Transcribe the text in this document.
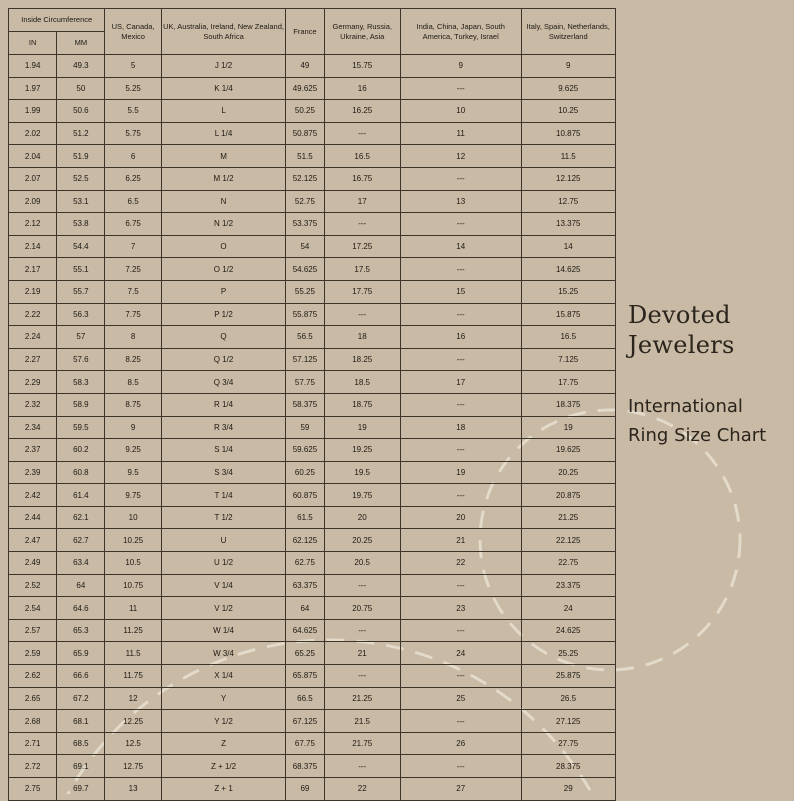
Inside Circumference		US, Canada, Mexico	UK, Australia, Ireland, New Zealand, South Africa	France	Germany, Russia, Ukraine, Asia	India, China, Japan, South America, Turkey, Israel	Italy, Spain, Netherlands, Switzerland
IN	MM						
1.94	49.3	5	J 1/2	49	15.75	9	9
1.97	50	5.25	K 1/4	49.625	16	---	9.625
1.99	50.6	5.5	L	50.25	16.25	10	10.25
2.02	51.2	5.75	L 1/4	50.875	---	11	10.875
2.04	51.9	6	M	51.5	16.5	12	11.5
2.07	52.5	6.25	M 1/2	52.125	16.75	---	12.125
2.09	53.1	6.5	N	52.75	17	13	12.75
2.12	53.8	6.75	N 1/2	53.375	---	---	13.375
2.14	54.4	7	O	54	17.25	14	14
2.17	55.1	7.25	O 1/2	54.625	17.5	---	14.625
2.19	55.7	7.5	P	55.25	17.75	15	15.25
2.22	56.3	7.75	P 1/2	55.875	---	---	15.875
2.24	57	8	Q	56.5	18	16	16.5
2.27	57.6	8.25	Q 1/2	57.125	18.25	---	7.125
2.29	58.3	8.5	Q 3/4	57.75	18.5	17	17.75
2.32	58.9	8.75	R 1/4	58.375	18.75	---	18.375
2.34	59.5	9	R 3/4	59	19	18	19
2.37	60.2	9.25	S 1/4	59.625	19.25	---	19.625
2.39	60.8	9.5	S 3/4	60.25	19.5	19	20.25
2.42	61.4	9.75	T 1/4	60.875	19.75	---	20.875
2.44	62.1	10	T 1/2	61.5	20	20	21.25
2.47	62.7	10.25	U	62.125	20.25	21	22.125
2.49	63.4	10.5	U 1/2	62.75	20.5	22	22.75
2.52	64	10.75	V 1/4	63.375	---	---	23.375
2.54	64.6	11	V 1/2	64	20.75	23	24
2.57	65.3	11.25	W 1/4	64.625	---	---	24.625
2.59	65.9	11.5	W 3/4	65.25	21	24	25.25
2.62	66.6	11.75	X 1/4	65.875	---	---	25.875
2.65	67.2	12	Y	66.5	21.25	25	26.5
2.68	68.1	12.25	Y 1/2	67.125	21.5	---	27.125
2.71	68.5	12.5	Z	67.75	21.75	26	27.75
2.72	69.1	12.75	Z + 1/2	68.375	---	---	28.375
2.75	69.7	13	Z + 1	69	22	27	29
Devoted
Jewelers
International
Ring Size Chart
